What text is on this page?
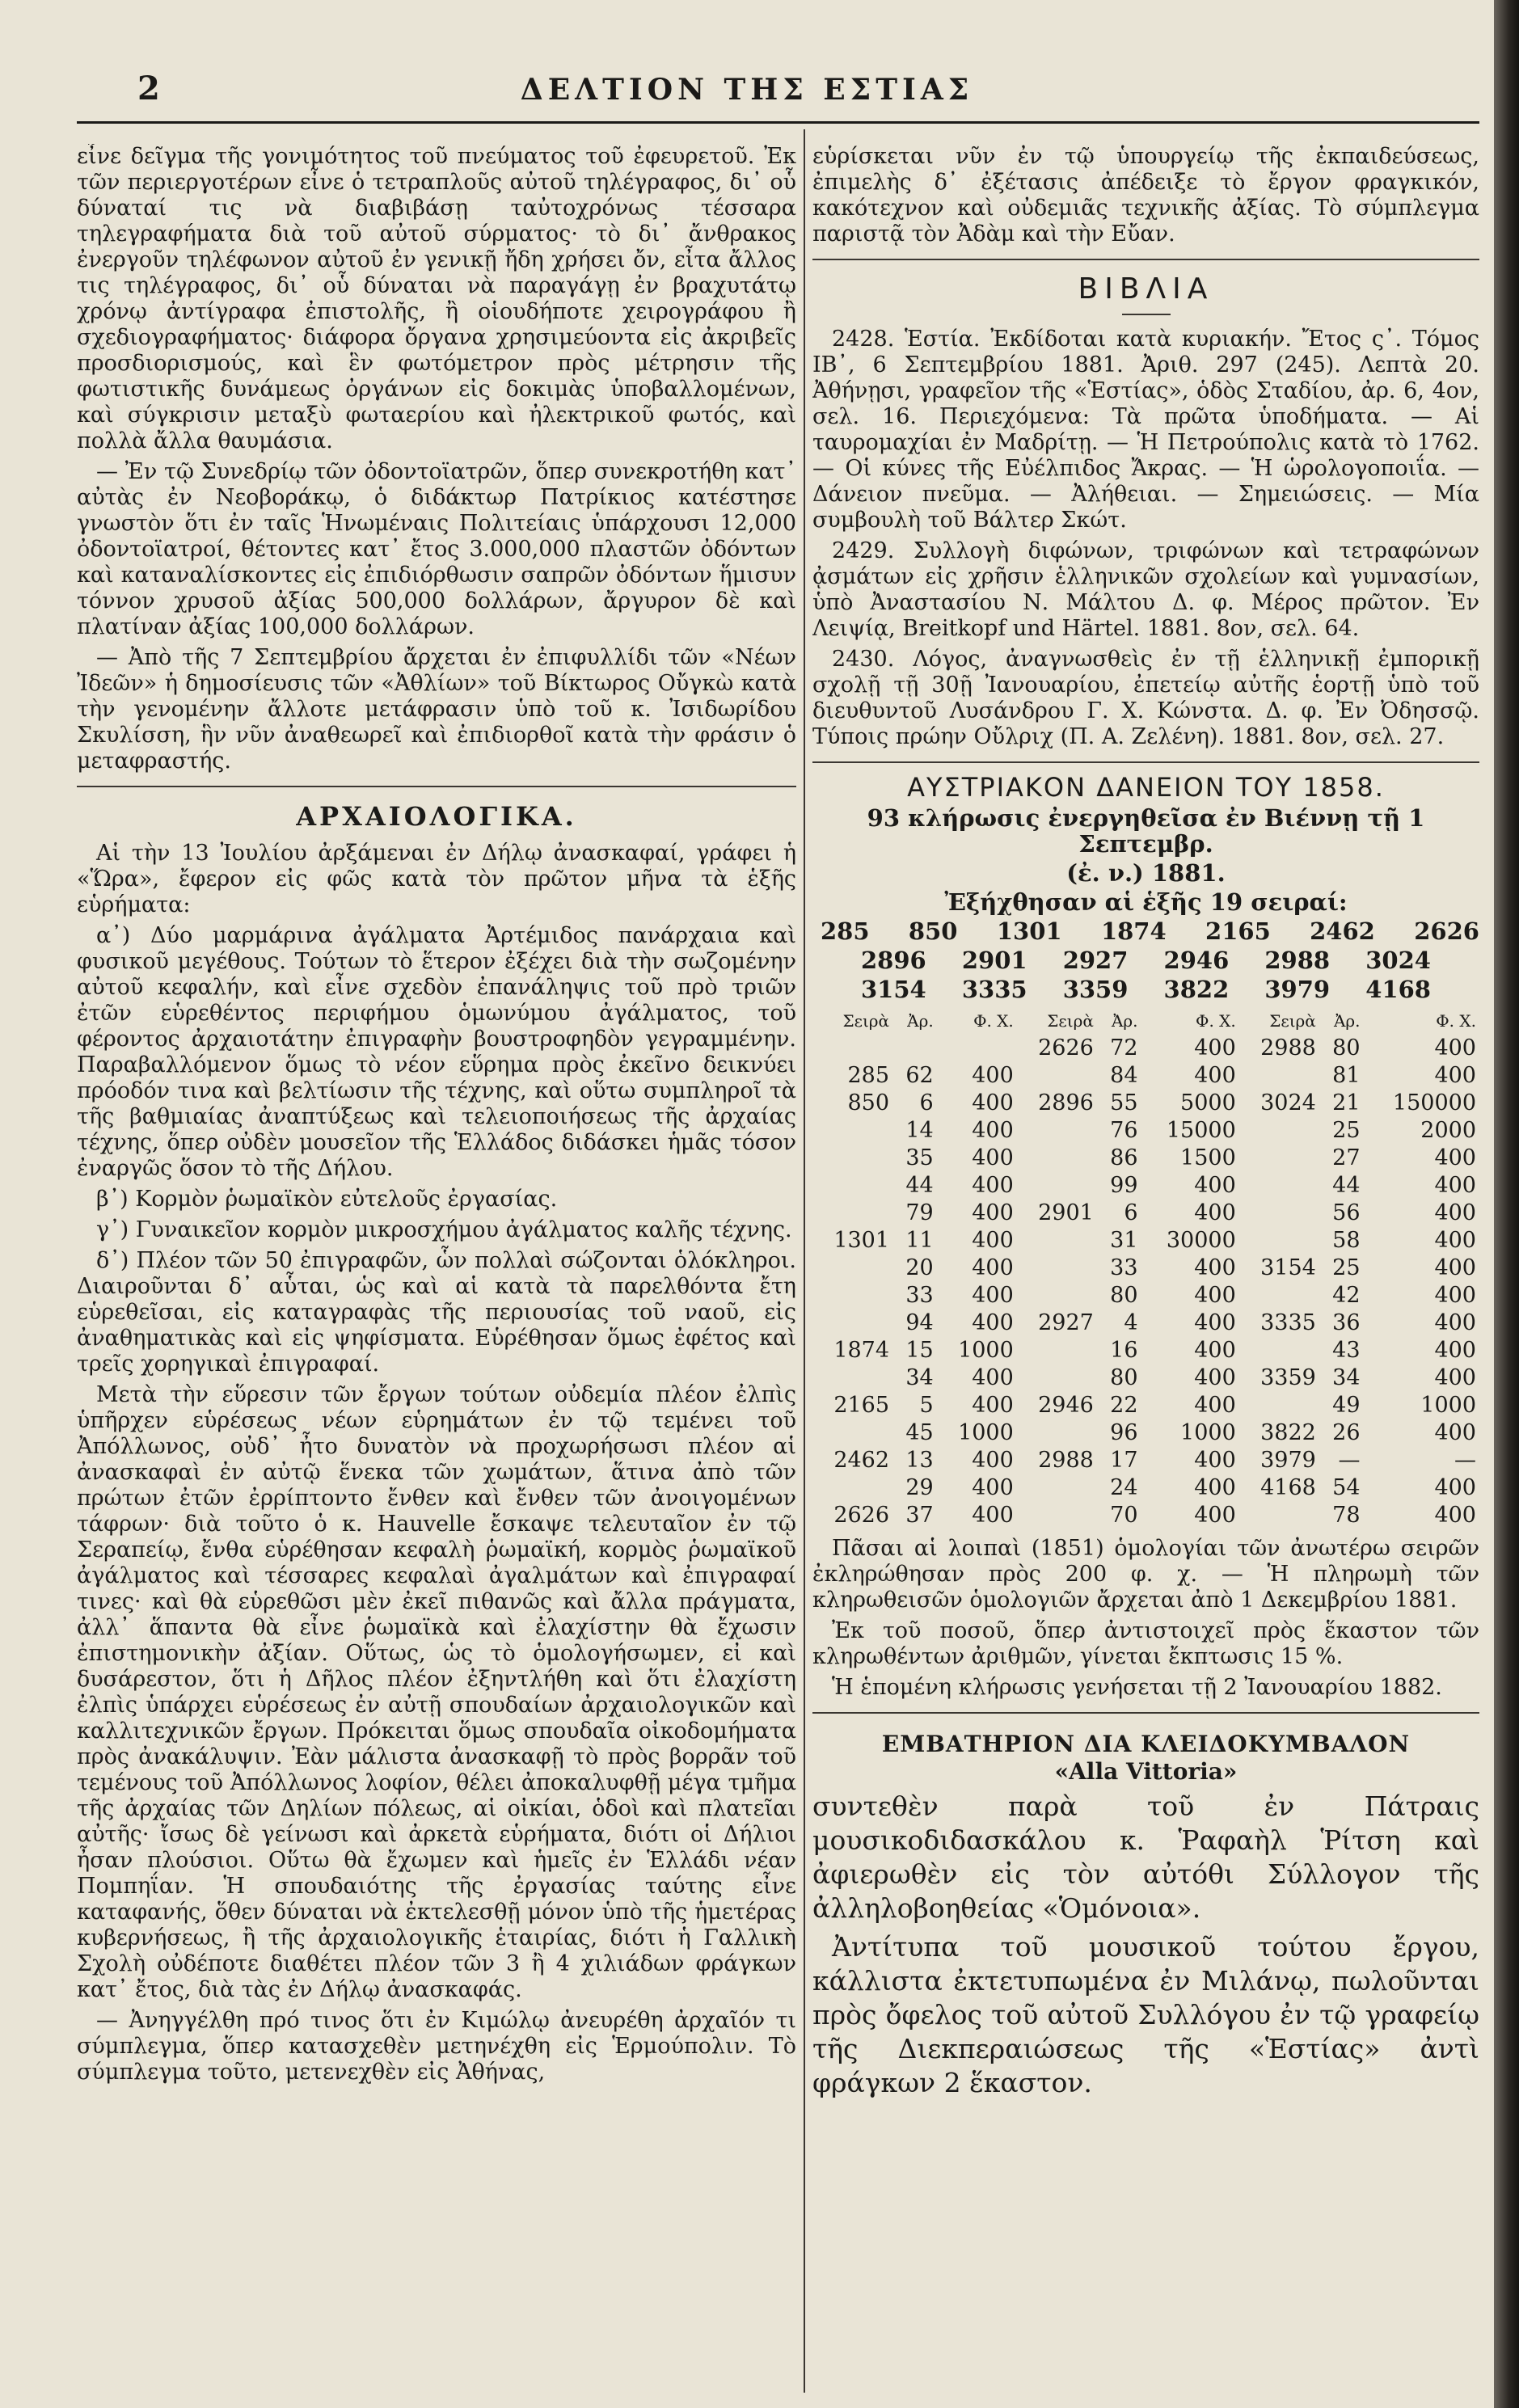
2	ΔΕΛΤΙΟΝ ΤΗΣ ΕΣΤΙΑΣ

εἶνε δεῖγμα τῆς γονιμότητος τοῦ πνεύματος τοῦ ἐφευρετοῦ. Ἐκ τῶν περιεργοτέρων εἶνε ὁ τετραπλοῦς αὐτοῦ τηλέγραφος, δι᾿ οὗ δύναταί τις νὰ διαβιβάσῃ ταὐτοχρόνως τέσσαρα τηλεγραφήματα διὰ τοῦ αὐτοῦ σύρματος· τὸ δι᾿ ἄνθρακος ἐνεργοῦν τηλέφωνον αὐτοῦ ἐν γενικῇ ἤδη χρήσει ὄν, εἶτα ἄλλος τις τηλέγραφος, δι᾿ οὗ δύναται νὰ παραγάγῃ ἐν βραχυτάτῳ χρόνῳ ἀντίγραφα ἐπιστολῆς, ἢ οἱουδήποτε χειρογράφου ἢ σχεδιογραφήματος· διάφορα ὄργανα χρησιμεύοντα εἰς ἀκριβεῖς προσδιορισμούς, καὶ ἓν φωτόμετρον πρὸς μέτρησιν τῆς φωτιστικῆς δυνάμεως ὀργάνων εἰς δοκιμὰς ὑποβαλλομένων, καὶ σύγκρισιν μεταξὺ φωταερίου καὶ ἠλεκτρικοῦ φωτός, καὶ πολλὰ ἄλλα θαυμάσια.

— Ἐν τῷ Συνεδρίῳ τῶν ὀδοντοϊατρῶν, ὅπερ συνεκροτήθη κατ᾿ αὐτὰς ἐν Νεοβοράκῳ, ὁ διδάκτωρ Πατρίκιος κατέστησε γνωστὸν ὅτι ἐν ταῖς Ἡνωμέναις Πολιτείαις ὑπάρχουσι 12,000 ὀδοντοϊατροί, θέτοντες κατ᾿ ἔτος 3.000,000 πλαστῶν ὀδόντων καὶ καταναλίσκοντες εἰς ἐπιδιόρθωσιν σαπρῶν ὀδόντων ἥμισυν τόννον χρυσοῦ ἀξίας 500,000 δολλάρων, ἄργυρον δὲ καὶ πλατίναν ἀξίας 100,000 δολλάρων.

— Ἀπὸ τῆς 7 Σεπτεμβρίου ἄρχεται ἐν ἐπιφυλλίδι τῶν «Νέων Ἰδεῶν» ἡ δημοσίευσις τῶν «Ἀθλίων» τοῦ Βίκτωρος Οὔγκὼ κατὰ τὴν γενομένην ἄλλοτε μετάφρασιν ὑπὸ τοῦ κ. Ἰσιδωρίδου Σκυλίσση, ἣν νῦν ἀναθεωρεῖ καὶ ἐπιδιορθοῖ κατὰ τὴν φράσιν ὁ μεταφραστής.

ΑΡΧΑΙΟΛΟΓΙΚΑ.

Αἱ τὴν 13 Ἰουλίου ἀρξάμεναι ἐν Δήλῳ ἀνασκαφαί, γράφει ἡ «Ὥρα», ἔφερον εἰς φῶς κατὰ τὸν πρῶτον μῆνα τὰ ἑξῆς εὑρήματα:

α᾿) Δύο μαρμάρινα ἀγάλματα Ἀρτέμιδος πανάρχαια καὶ φυσικοῦ μεγέθους. Τούτων τὸ ἕτερον ἐξέχει διὰ τὴν σωζομένην αὐτοῦ κεφαλήν, καὶ εἶνε σχεδὸν ἐπανάληψις τοῦ πρὸ τριῶν ἐτῶν εὑρεθέντος περιφήμου ὁμωνύμου ἀγάλματος, τοῦ φέροντος ἀρχαιοτάτην ἐπιγραφὴν βουστροφηδὸν γεγραμμένην. Παραβαλλόμενον ὅμως τὸ νέον εὕρημα πρὸς ἐκεῖνο δεικνύει πρόοδόν τινα καὶ βελτίωσιν τῆς τέχνης, καὶ οὕτω συμπληροῖ τὰ τῆς βαθμιαίας ἀναπτύξεως καὶ τελειοποιήσεως τῆς ἀρχαίας τέχνης, ὅπερ οὐδὲν μουσεῖον τῆς Ἑλλάδος διδάσκει ἡμᾶς τόσον ἐναργῶς ὅσον τὸ τῆς Δήλου.

β᾿) Κορμὸν ῥωμαϊκὸν εὐτελοῦς ἐργασίας.

γ᾿) Γυναικεῖον κορμὸν μικροσχήμου ἀγάλματος καλῆς τέχνης.

δ᾿) Πλέον τῶν 50 ἐπιγραφῶν, ὧν πολλαὶ σώζονται ὁλόκληροι. Διαιροῦνται δ᾿ αὗται, ὡς καὶ αἱ κατὰ τὰ παρελθόντα ἔτη εὑρεθεῖσαι, εἰς καταγραφὰς τῆς περιουσίας τοῦ ναοῦ, εἰς ἀναθηματικὰς καὶ εἰς ψηφίσματα. Εὑρέθησαν ὅμως ἐφέτος καὶ τρεῖς χορηγικαὶ ἐπιγραφαί.

Μετὰ τὴν εὕρεσιν τῶν ἔργων τούτων οὐδεμία πλέον ἐλπὶς ὑπῆρχεν εὑρέσεως νέων εὑρημάτων ἐν τῷ τεμένει τοῦ Ἀπόλλωνος, οὐδ᾿ ἦτο δυνατὸν νὰ προχωρήσωσι πλέον αἱ ἀνασκαφαὶ ἐν αὐτῷ ἕνεκα τῶν χωμάτων, ἅτινα ἀπὸ τῶν πρώτων ἐτῶν ἐρρίπτοντο ἔνθεν καὶ ἔνθεν τῶν ἀνοιγομένων τάφρων· διὰ τοῦτο ὁ κ. Hauvelle ἔσκαψε τελευταῖον ἐν τῷ Σεραπείῳ, ἔνθα εὑρέθησαν κεφαλὴ ῥωμαϊκή, κορμὸς ῥωμαϊκοῦ ἀγάλματος καὶ τέσσαρες κεφαλαὶ ἀγαλμάτων καὶ ἐπιγραφαί τινες· καὶ θὰ εὑρεθῶσι μὲν ἐκεῖ πιθανῶς καὶ ἄλλα πράγματα, ἀλλ᾿ ἅπαντα θὰ εἶνε ῥωμαϊκὰ καὶ ἐλαχίστην θὰ ἔχωσιν ἐπιστημονικὴν ἀξίαν. Οὕτως, ὡς τὸ ὁμολογήσωμεν, εἰ καὶ δυσάρεστον, ὅτι ἡ Δῆλος πλέον ἐξηντλήθη καὶ ὅτι ἐλαχίστη ἐλπὶς ὑπάρχει εὑρέσεως ἐν αὐτῇ σπουδαίων ἀρχαιολογικῶν καὶ καλλιτεχνικῶν ἔργων. Πρόκειται ὅμως σπουδαῖα οἰκοδομήματα πρὸς ἀνακάλυψιν. Ἐὰν μάλιστα ἀνασκαφῇ τὸ πρὸς βορρᾶν τοῦ τεμένους τοῦ Ἀπόλλωνος λοφίον, θέλει ἀποκαλυφθῇ μέγα τμῆμα τῆς ἀρχαίας τῶν Δηλίων πόλεως, αἱ οἰκίαι, ὁδοὶ καὶ πλατεῖαι αὐτῆς· ἴσως δὲ γείνωσι καὶ ἀρκετὰ εὑρήματα, διότι οἱ Δήλιοι ἦσαν πλούσιοι. Οὕτω θὰ ἔχωμεν καὶ ἡμεῖς ἐν Ἑλλάδι νέαν Πομπηΐαν. Ἡ σπουδαιότης τῆς ἐργασίας ταύτης εἶνε καταφανής, ὅθεν δύναται νὰ ἐκτελεσθῇ μόνον ὑπὸ τῆς ἡμετέρας κυβερνήσεως, ἢ τῆς ἀρχαιολογικῆς ἑταιρίας, διότι ἡ Γαλλικὴ Σχολὴ οὐδέποτε διαθέτει πλέον τῶν 3 ἢ 4 χιλιάδων φράγκων κατ᾿ ἔτος, διὰ τὰς ἐν Δήλῳ ἀνασκαφάς.

— Ἀνηγγέλθη πρό τινος ὅτι ἐν Κιμώλῳ ἀνευρέθη ἀρχαῖόν τι σύμπλεγμα, ὅπερ κατασχεθὲν μετηνέχθη εἰς Ἑρμούπολιν. Τὸ σύμπλεγμα τοῦτο, μετενεχθὲν εἰς Ἀθήνας,

εὑρίσκεται νῦν ἐν τῷ ὑπουργείῳ τῆς ἐκπαιδεύσεως, ἐπιμελὴς δ᾿ ἐξέτασις ἀπέδειξε τὸ ἔργον φραγκικόν, κακότεχνον καὶ οὐδεμιᾶς τεχνικῆς ἀξίας. Τὸ σύμπλεγμα παριστᾷ τὸν Ἀδὰμ καὶ τὴν Εὔαν.

ΒΙΒΛΙΑ

2428. Ἑστία. Ἐκδίδοται κατὰ κυριακήν. Ἔτος ς᾿. Τόμος ΙΒ᾿, 6 Σεπτεμβρίου 1881. Ἀριθ. 297 (245). Λεπτὰ 20. Ἀθήνῃσι, γραφεῖον τῆς «Ἑστίας», ὁδὸς Σταδίου, ἀρ. 6, 4ον, σελ. 16. Περιεχόμενα: Τὰ πρῶτα ὑποδήματα. — Αἱ ταυρομαχίαι ἐν Μαδρίτῃ. — Ἡ Πετρούπολις κατὰ τὸ 1762. — Οἱ κύνες τῆς Εὐέλπιδος Ἄκρας. — Ἡ ὡρολογοποιΐα. — Δάνειον πνεῦμα. — Ἀλήθειαι. — Σημειώσεις. — Μία συμβουλὴ τοῦ Βάλτερ Σκώτ.

2429. Συλλογὴ διφώνων, τριφώνων καὶ τετραφώνων ᾀσμάτων εἰς χρῆσιν ἑλληνικῶν σχολείων καὶ γυμνασίων, ὑπὸ Ἀναστασίου Ν. Μάλτου Δ. φ. Μέρος πρῶτον. Ἐν Λειψίᾳ, Breitkopf und Härtel. 1881. 8ον, σελ. 64.

2430. Λόγος, ἀναγνωσθεὶς ἐν τῇ ἑλληνικῇ ἐμπορικῇ σχολῇ τῇ 30ῇ Ἰανουαρίου, ἐπετείῳ αὐτῆς ἑορτῇ ὑπὸ τοῦ διευθυντοῦ Λυσάνδρου Γ. Χ. Κώνστα. Δ. φ. Ἐν Ὀδησσῷ. Τύποις πρώην Οὔλριχ (Π. Α. Ζελένη). 1881. 8ον, σελ. 27.

ΑΥΣΤΡΙΑΚΟΝ ΔΑΝΕΙΟΝ ΤΟΥ 1858.
93 κλήρωσις ἐνεργηθεῖσα ἐν Βιέννῃ τῇ 1 Σεπτεμβρ.
(ἐ. ν.) 1881.
Ἐξήχθησαν αἱ ἑξῆς 19 σειραί:
285 850 1301 1874 2165 2462 2626
2896 2901 2927 2946 2988 3024
3154 3335 3359 3822 3979 4168
Σειρὰ	Ἀρ.	Φ. Χ.	Σειρὰ	Ἀρ.	Φ. Χ.	Σειρὰ	Ἀρ.	Φ. Χ.
			2626	72	400	2988	80	400
285	62	400		84	400		81	400
850	6	400	2896	55	5000	3024	21	150000
	14	400		76	15000		25	2000
	35	400		86	1500		27	400
	44	400		99	400		44	400
	79	400	2901	6	400		56	400
1301	11	400		31	30000		58	400
	20	400		33	400	3154	25	400
	33	400		80	400		42	400
	94	400	2927	4	400	3335	36	400
1874	15	1000		16	400		43	400
	34	400		80	400	3359	34	400
2165	5	400	2946	22	400		49	1000
	45	1000		96	1000	3822	26	400
2462	13	400	2988	17	400	3979	—	—
	29	400		24	400	4168	54	400
2626	37	400		70	400		78	400

Πᾶσαι αἱ λοιπαὶ (1851) ὁμολογίαι τῶν ἀνωτέρω σειρῶν ἐκληρώθησαν πρὸς 200 φ. χ. — Ἡ πληρωμὴ τῶν κληρωθεισῶν ὁμολογιῶν ἄρχεται ἀπὸ 1 Δεκεμβρίου 1881.

Ἐκ τοῦ ποσοῦ, ὅπερ ἀντιστοιχεῖ πρὸς ἕκαστον τῶν κληρωθέντων ἀριθμῶν, γίνεται ἔκπτωσις 15 %.

Ἡ ἑπομένη κλήρωσις γενήσεται τῇ 2 Ἰανουαρίου 1882.

ΕΜΒΑΤΗΡΙΟΝ ΔΙΑ ΚΛΕΙΔΟΚΥΜΒΑΛΟΝ
«Alla Vittoria»

συντεθὲν παρὰ τοῦ ἐν Πάτραις μουσικοδιδασκάλου κ. Ῥαφαὴλ Ῥίτση καὶ ἀφιερωθὲν εἰς τὸν αὐτόθι Σύλλογον τῆς ἀλληλοβοηθείας «Ὁμόνοια».

Ἀντίτυπα τοῦ μουσικοῦ τούτου ἔργου, κάλλιστα ἐκτετυπωμένα ἐν Μιλάνῳ, πωλοῦνται πρὸς ὄφελος τοῦ αὐτοῦ Συλλόγου ἐν τῷ γραφείῳ τῆς Διεκπεραιώσεως τῆς «Ἑστίας» ἀντὶ φράγκων 2 ἕκαστον.
